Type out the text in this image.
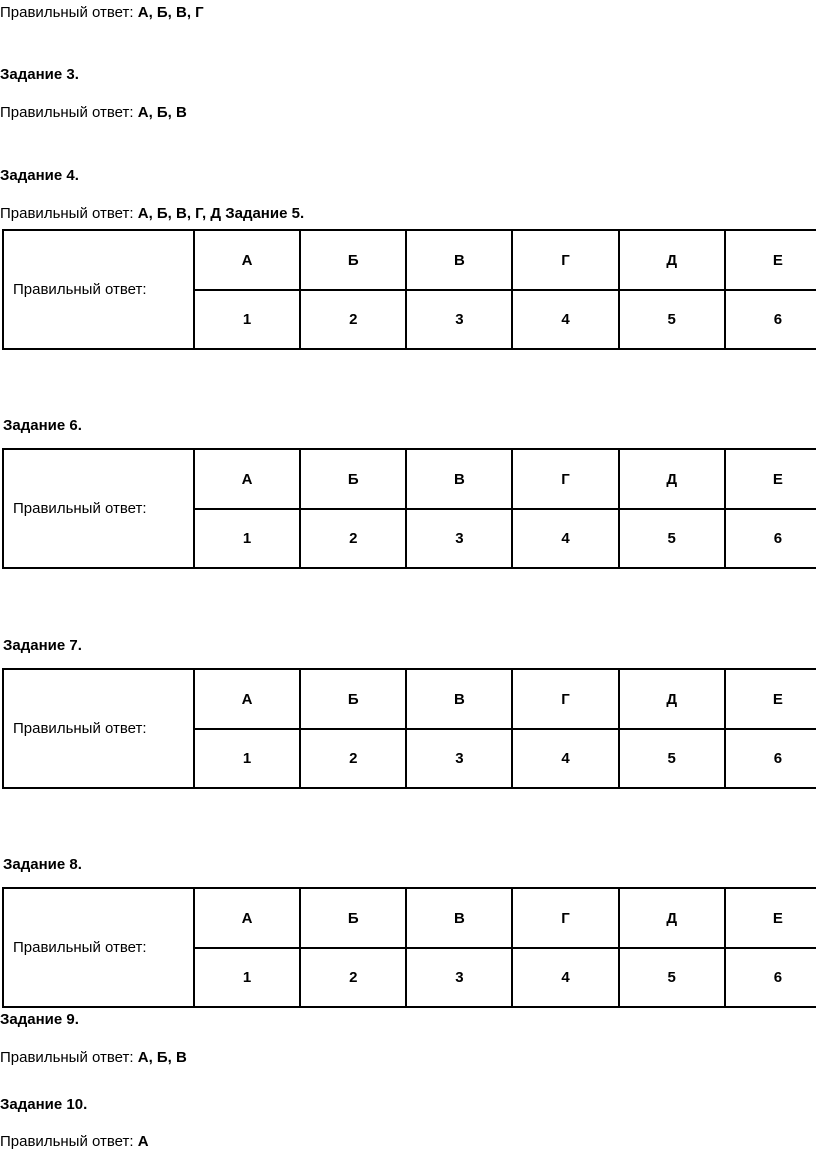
Правильный ответ: А, Б, В, Г
Задание 3.
Правильный ответ: А, Б, В
Задание 4.
Правильный ответ: А, Б, В, Г, Д Задание 5.
Правильный ответ:	А	Б	В	Г	Д	Е
	1	2	3	4	5	6
Задание 6.
Правильный ответ:	А	Б	В	Г	Д	Е
	1	2	3	4	5	6
Задание 7.
Правильный ответ:	А	Б	В	Г	Д	Е
	1	2	3	4	5	6
Задание 8.
Правильный ответ:	А	Б	В	Г	Д	Е
	1	2	3	4	5	6
Задание 9.
Правильный ответ: А, Б, В
Задание 10.
Правильный ответ: А
